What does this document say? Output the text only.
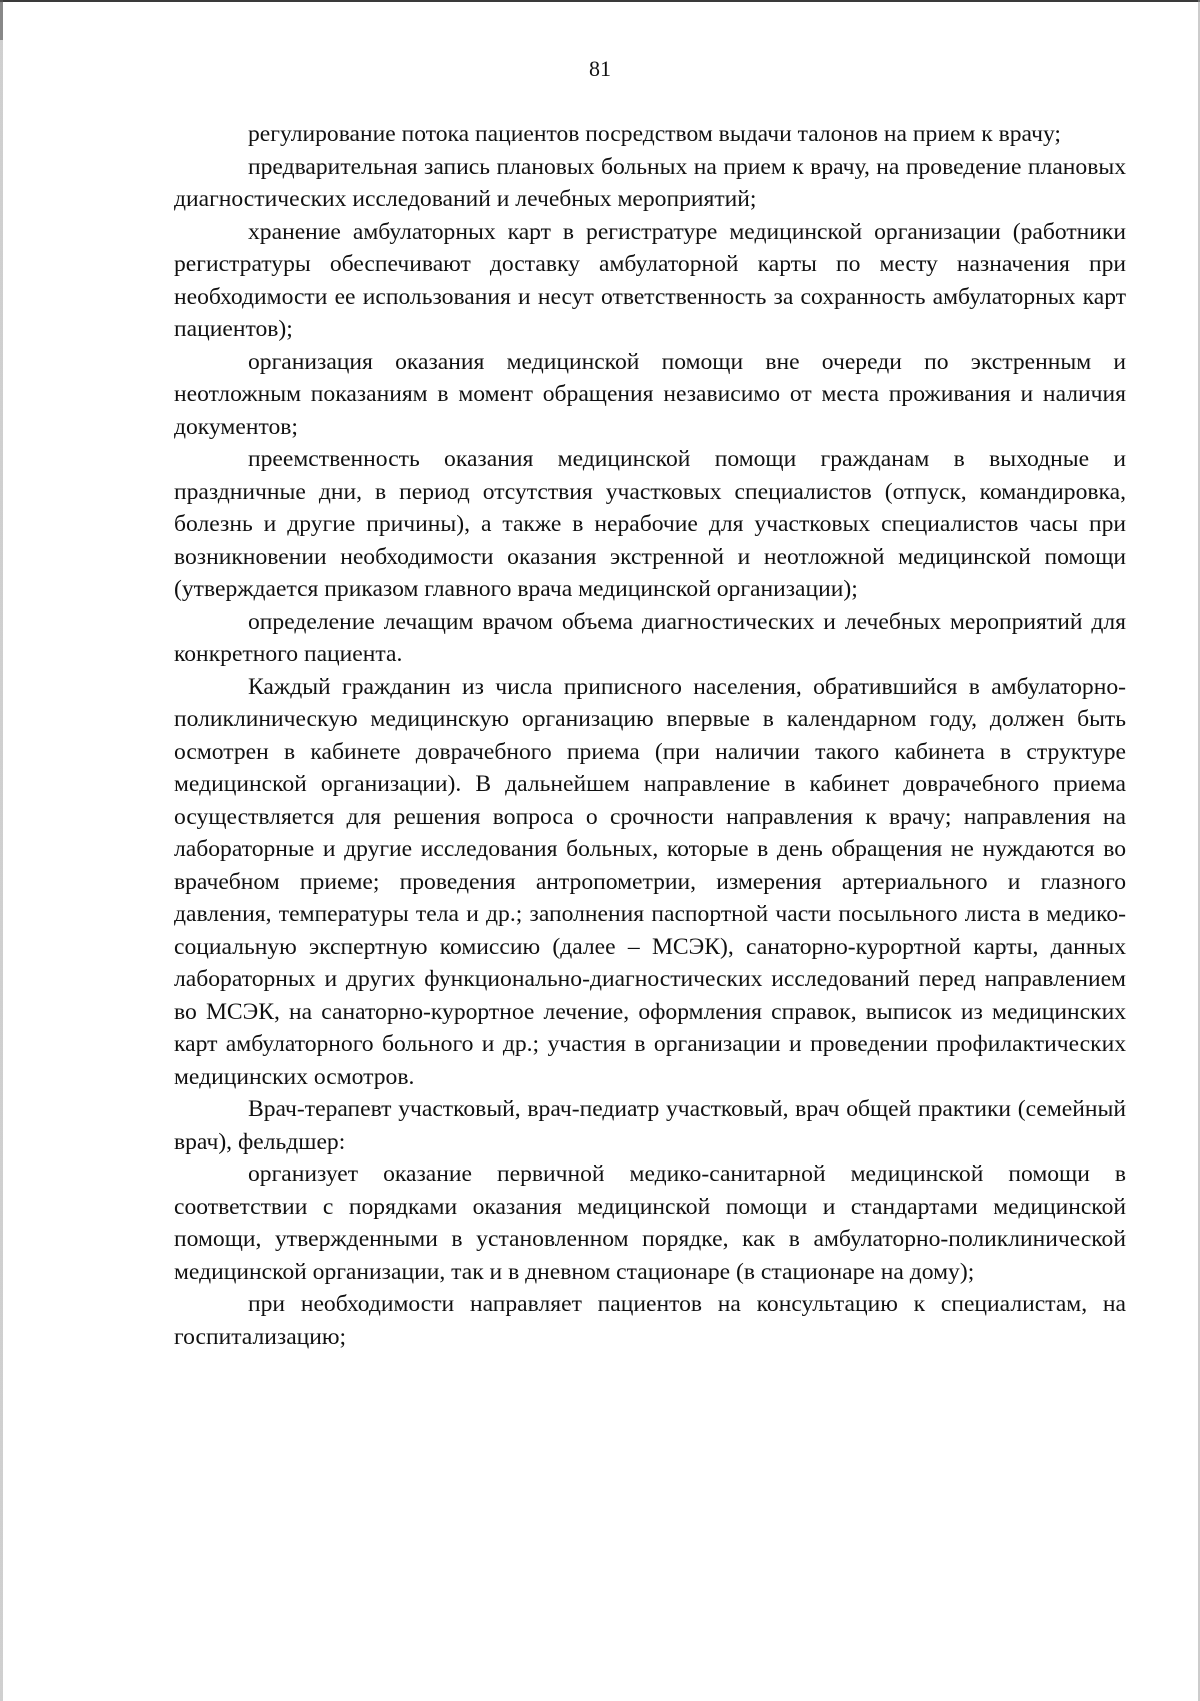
81

регулирование потока пациентов посредством выдачи талонов на прием к врачу;

предварительная запись плановых больных на прием к врачу, на проведение плановых диагностических исследований и лечебных мероприятий;

хранение амбулаторных карт в регистратуре медицинской организации (работники регистратуры обеспечивают доставку амбулаторной карты по месту назначения при необходимости ее использования и несут ответственность за сохранность амбулаторных карт пациентов);

организация оказания медицинской помощи вне очереди по экстренным и неотложным показаниям в момент обращения независимо от места проживания и наличия документов;

преемственность оказания медицинской помощи гражданам в выходные и праздничные дни, в период отсутствия участковых специалистов (отпуск, командировка, болезнь и другие причины), а также в нерабочие для участковых специалистов часы при возникновении необходимости оказания экстренной и неотложной медицинской помощи (утверждается приказом главного врача медицинской организации);

определение лечащим врачом объема диагностических и лечебных мероприятий для конкретного пациента.

Каждый гражданин из числа приписного населения, обратившийся в амбулаторно-поликлиническую медицинскую организацию впервые в календарном году, должен быть осмотрен в кабинете доврачебного приема (при наличии такого кабинета в структуре медицинской организации). В дальнейшем направление в кабинет доврачебного приема осуществляется для решения вопроса о срочности направления к врачу; направления на лабораторные и другие исследования больных, которые в день обращения не нуждаются во врачебном приеме; проведения антропометрии, измерения артериального и глазного давления, температуры тела и др.; заполнения паспортной части посыльного листа в медико-социальную экспертную комиссию (далее – МСЭК), санаторно-курортной карты, данных лабораторных и других функционально-диагностических исследований перед направлением во МСЭК, на санаторно-курортное лечение, оформления справок, выписок из медицинских карт амбулаторного больного и др.; участия в организации и проведении профилактических медицинских осмотров.

Врач-терапевт участковый, врач-педиатр участковый, врач общей практики (семейный врач), фельдшер:

организует оказание первичной медико-санитарной медицинской помощи в соответствии с порядками оказания медицинской помощи и стандартами медицинской помощи, утвержденными в установленном порядке, как в амбулаторно-поликлинической медицинской организации, так и в дневном стационаре (в стационаре на дому);

при необходимости направляет пациентов на консультацию к специалистам, на госпитализацию;
